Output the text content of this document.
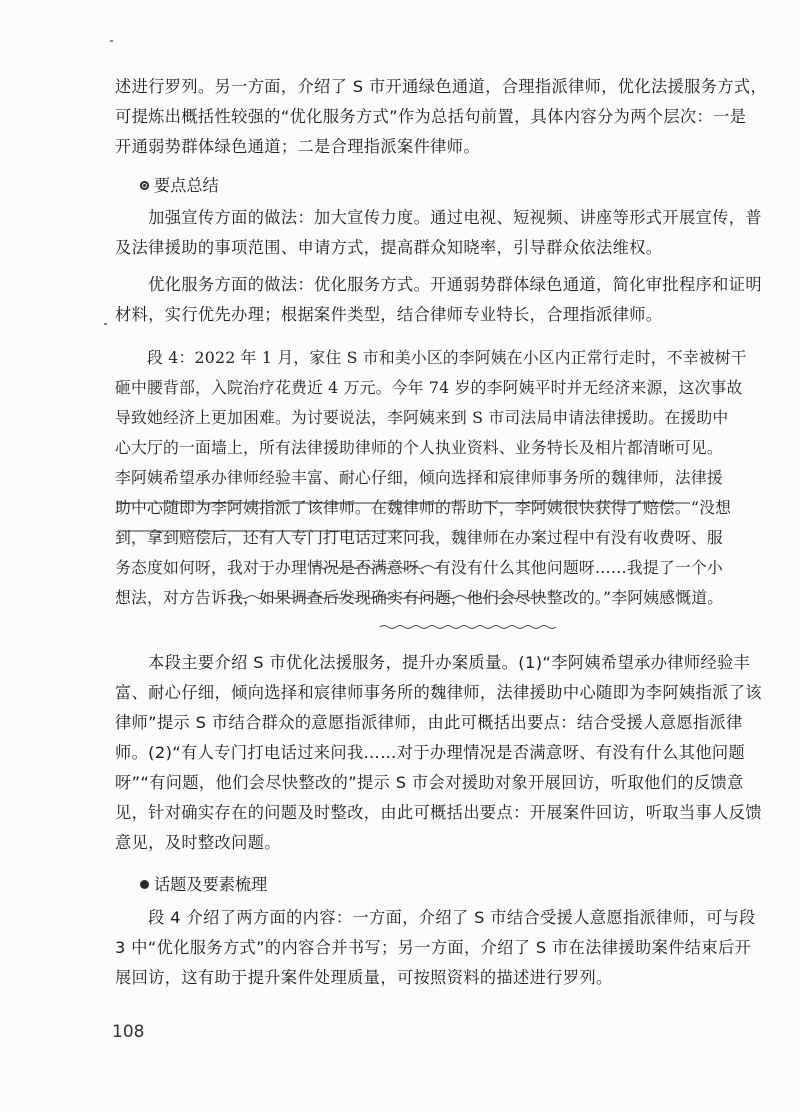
述进行罗列。另一方面，介绍了 S 市开通绿色通道，合理指派律师，优化法援服务方式，
可提炼出概括性较强的“优化服务方式”作为总括句前置，具体内容分为两个层次：一是
开通弱势群体绿色通道；二是合理指派案件律师。
要点总结
　　加强宣传方面的做法：加大宣传力度。通过电视、短视频、讲座等形式开展宣传，普
及法律援助的事项范围、申请方式，提高群众知晓率，引导群众依法维权。
　　优化服务方面的做法：优化服务方式。开通弱势群体绿色通道，简化审批程序和证明
材料，实行优先办理；根据案件类型，结合律师专业特长，合理指派律师。
　　段 4：2022 年 1 月，家住 S 市和美小区的李阿姨在小区内正常行走时，不幸被树干
砸中腰背部，入院治疗花费近 4 万元。今年 74 岁的李阿姨平时并无经济来源，这次事故
导致她经济上更加困难。为讨要说法，李阿姨来到 S 市司法局申请法律援助。在援助中
心大厅的一面墙上，所有法律援助律师的个人执业资料、业务特长及相片都清晰可见。
李阿姨希望承办律师经验丰富、耐心仔细，倾向选择和宸律师事务所的魏律师，法律援
助中心随即为李阿姨指派了该律师。在魏律师的帮助下，李阿姨很快获得了赔偿。“没想
到，拿到赔偿后，还有人专门打电话过来问我，魏律师在办案过程中有没有收费呀、服
务态度如何呀，我对于办理情况是否满意呀、有没有什么其他问题呀……我提了一个小
想法，对方告诉我，如果调查后发现确实有问题，他们会尽快整改的。”李阿姨感慨道。
　　本段主要介绍 S 市优化法援服务，提升办案质量。(1)“李阿姨希望承办律师经验丰
富、耐心仔细，倾向选择和宸律师事务所的魏律师，法律援助中心随即为李阿姨指派了该
律师”提示 S 市结合群众的意愿指派律师，由此可概括出要点：结合受援人意愿指派律
师。(2)“有人专门打电话过来问我……对于办理情况是否满意呀、有没有什么其他问题
呀”“有问题，他们会尽快整改的”提示 S 市会对援助对象开展回访，听取他们的反馈意
见，针对确实存在的问题及时整改，由此可概括出要点：开展案件回访，听取当事人反馈
意见，及时整改问题。
话题及要素梳理
　　段 4 介绍了两方面的内容：一方面，介绍了 S 市结合受援人意愿指派律师，可与段
3 中“优化服务方式”的内容合并书写；另一方面，介绍了 S 市在法律援助案件结束后开
展回访，这有助于提升案件处理质量，可按照资料的描述进行罗列。
108
